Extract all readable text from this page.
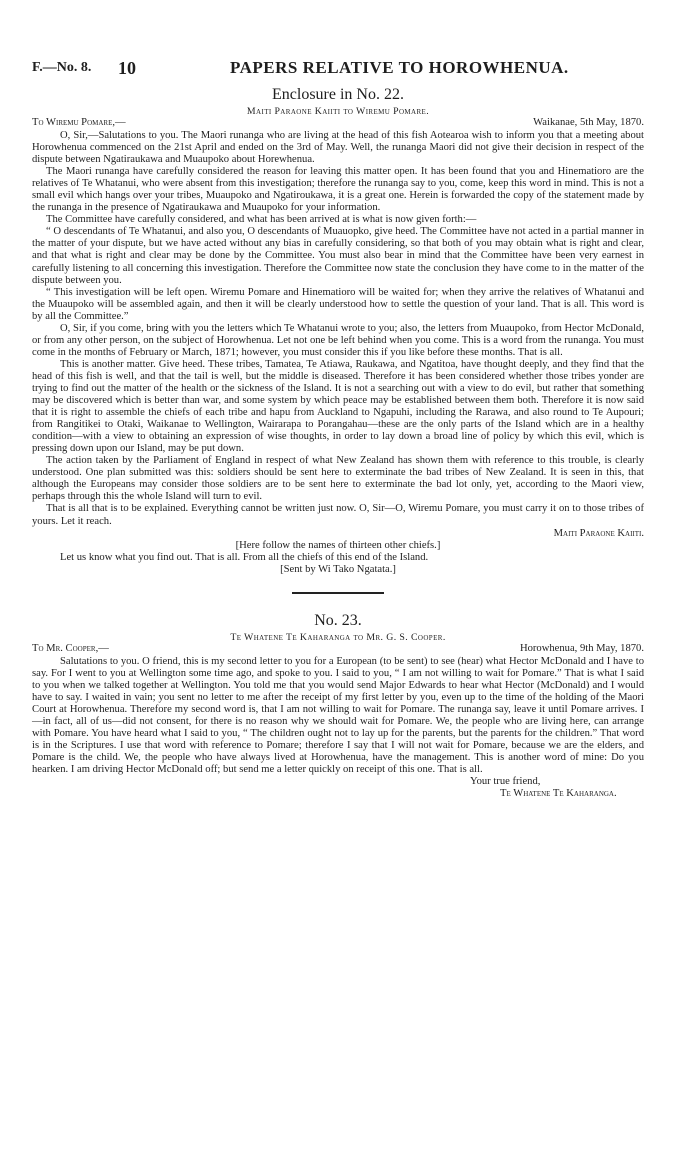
F.—No. 8. 10	PAPERS RELATIVE TO HOROWHENUA.
Enclosure in No. 22.
Maiti Paraone Kaiiti to Wiremu Pomare.
To Wiremu Pomare,—	Waikanae, 5th May, 1870.

O, Sir,—Salutations to you. The Maori runanga who are living at the head of this fish Aotearoa wish to inform you that a meeting about Horowhenua commenced on the 21st April and ended on the 3rd of May. Well, the runanga Maori did not give their decision in respect of the dispute between Ngatiraukawa and Muaupoko about Horewhenua.

The Maori runanga have carefully considered the reason for leaving this matter open. It has been found that you and Hinematioro are the relatives of Te Whatanui, who were absent from this investigation; therefore the runanga say to you, come, keep this word in mind. This is not a small evil which hangs over your tribes, Muaupoko and Ngatiroukawa, it is a great one. Herein is forwarded the copy of the statement made by the runanga in the presence of Ngatiraukawa and Muaupoko for your information.

The Committee have carefully considered, and what has been arrived at is what is now given forth:—

“ O descendants of Te Whatanui, and also you, O descendants of Muauopko, give heed. The Committee have not acted in a partial manner in the matter of your dispute, but we have acted without any bias in carefully considering, so that both of you may obtain what is right and clear, and that what is right and clear may be done by the Committee. You must also bear in mind that the Committee have been very earnest in carefully listening to all concerning this investigation. Therefore the Committee now state the conclusion they have come to in the matter of the dispute between you.

“ This investigation will be left open. Wiremu Pomare and Hinematioro will be waited for; when they arrive the relatives of Whatanui and the Muaupoko will be assembled again, and then it will be clearly understood how to settle the question of your land. That is all. This word is by all the Committee.”

O, Sir, if you come, bring with you the letters which Te Whatanui wrote to you; also, the letters from Muaupoko, from Hector McDonald, or from any other person, on the subject of Horowhenua. Let not one be left behind when you come. This is a word from the runanga. You must come in the months of February or March, 1871; however, you must consider this if you like before these months. That is all.

This is another matter. Give heed. These tribes, Tamatea, Te Atiawa, Raukawa, and Ngatitoa, have thought deeply, and they find that the head of this fish is well, and that the tail is well, but the middle is diseased. Therefore it has been considered whether those tribes yonder are trying to find out the matter of the health or the sickness of the Island. It is not a searching out with a view to do evil, but rather that something may be discovered which is better than war, and some system by which peace may be established between them both. Therefore it is now said that it is right to assemble the chiefs of each tribe and hapu from Auckland to Ngapuhi, including the Rarawa, and also round to Te Aupouri; from Rangitikei to Otaki, Waikanae to Wellington, Wairarapa to Porangahau—these are the only parts of the Island which are in a healthy condition—with a view to obtaining an expression of wise thoughts, in order to lay down a broad line of policy by which this evil, which is pressing down upon our Island, may be put down.

The action taken by the Parliament of England in respect of what New Zealand has shown them with reference to this trouble, is clearly understood. One plan submitted was this: soldiers should be sent here to exterminate the bad tribes of New Zealand. It is seen in this, that although the Europeans may consider those soldiers are to be sent here to exterminate the bad lot only, yet, according to the Maori view, perhaps through this the whole Island will turn to evil.

That is all that is to be explained. Everything cannot be written just now. O, Sir—O, Wiremu Pomare, you must carry it on to those tribes of yours. Let it reach.

Maiti Paraone Kaiiti.
[Here follow the names of thirteen other chiefs.]

Let us know what you find out. That is all. From all the chiefs of this end of the Island.

[Sent by Wi Tako Ngatata.]
No. 23.
Te Whatene Te Kaharanga to Mr. G. S. Cooper.
To Mr. Cooper,—	Horowhenua, 9th May, 1870.

Salutations to you. O friend, this is my second letter to you for a European (to be sent) to see (hear) what Hector McDonald and I have to say. For I went to you at Wellington some time ago, and spoke to you. I said to you, “ I am not willing to wait for Pomare.” That is what I said to you when we talked together at Wellington. You told me that you would send Major Edwards to hear what Hector (McDonald) and I would have to say. I waited in vain; you sent no letter to me after the receipt of my first letter by you, even up to the time of the holding of the Maori Court at Horowhenua. Therefore my second word is, that I am not willing to wait for Pomare. The runanga say, leave it until Pomare arrives. I—in fact, all of us—did not consent, for there is no reason why we should wait for Pomare. We, the people who are living here, can arrange with Pomare. You have heard what I said to you, “ The children ought not to lay up for the parents, but the parents for the children.” That word is in the Scriptures. I use that word with reference to Pomare; therefore I say that I will not wait for Pomare, because we are the elders, and Pomare is the child. We, the people who have always lived at Horowhenua, have the management. This is another word of mine: Do you hearken. I am driving Hector McDonald off; but send me a letter quickly on receipt of this one. That is all.

Your true friend,
Te Whatene Te Kaharanga.
